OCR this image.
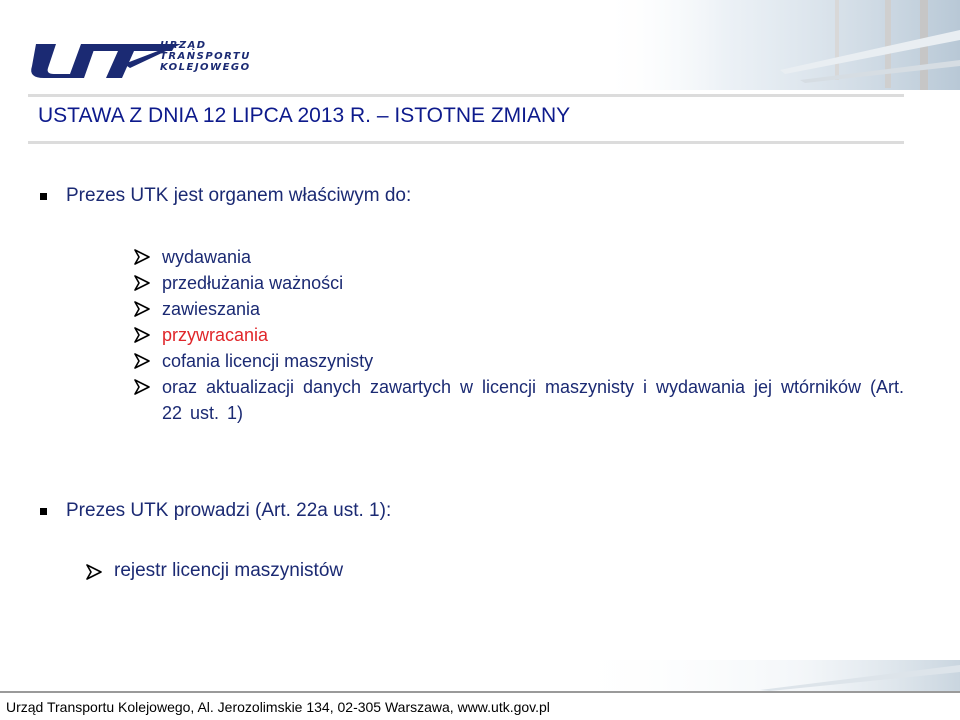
URZĄD
TRANSPORTU
KOLEJOWEGO
USTAWA Z DNIA 12 LIPCA 2013 R. – ISTOTNE ZMIANY
Prezes UTK jest organem właściwym do:
wydawania
przedłużania ważności
zawieszania
przywracania
cofania licencji maszynisty
oraz aktualizacji danych zawartych w licencji maszynisty i wydawania jej wtórników (Art. 22 ust. 1)
Prezes UTK prowadzi (Art. 22a ust. 1):
rejestr licencji maszynistów
Urząd Transportu Kolejowego, Al. Jerozolimskie 134, 02-305 Warszawa, www.utk.gov.pl
